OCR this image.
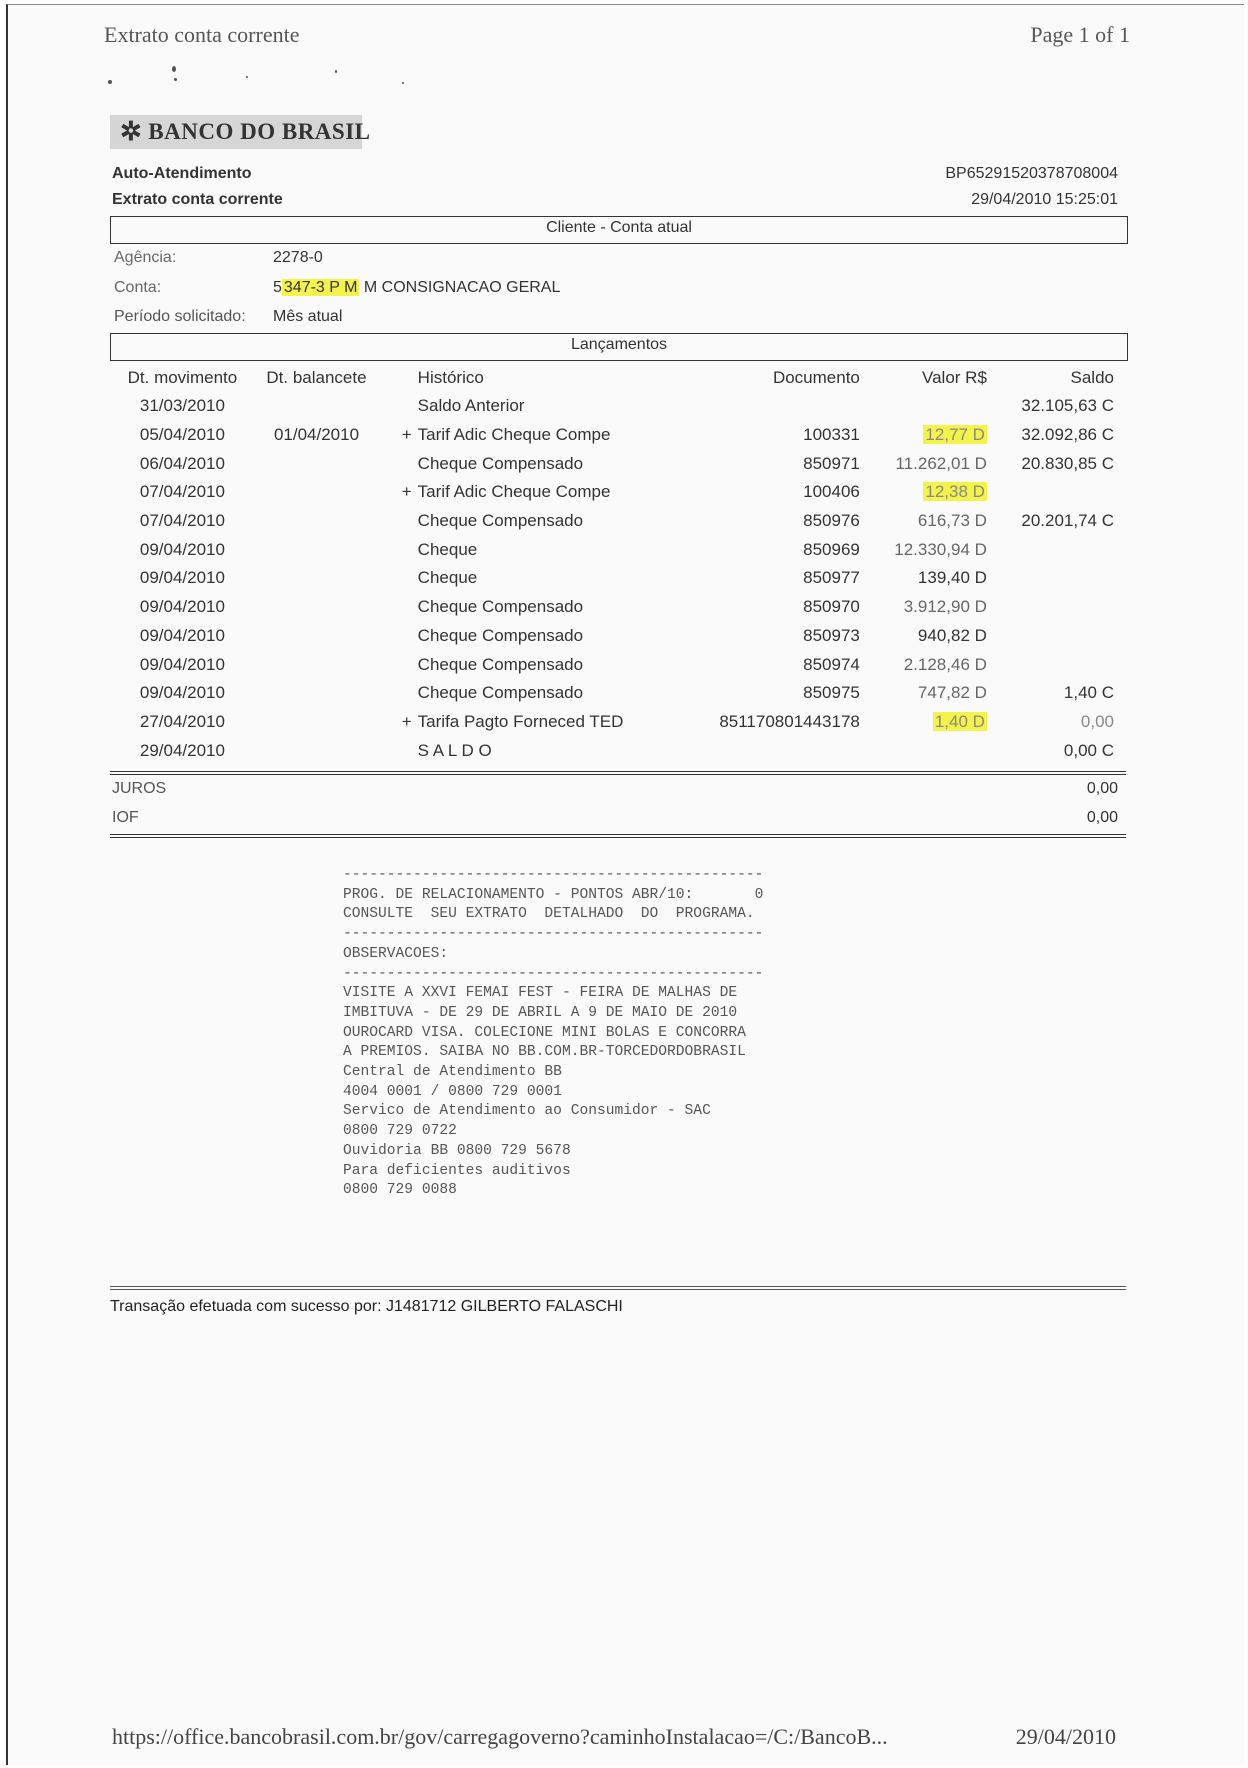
Extrato conta corrente	Page 1 of 1
✲ BANCO DO BRASIL
Auto-Atendimento
Extrato conta corrente
BP65291520378708004
29/04/2010 15:25:01
Cliente - Conta atual
Agência:	2278-0
Conta:	5 347-3 P M M CONSIGNACAO GERAL
Período solicitado: Mês atual
Lançamentos
Dt. movimento	Dt. balancete		Histórico	Documento	Valor R$	Saldo
31/03/2010			Saldo Anterior			32.105,63 C
05/04/2010	01/04/2010	+	Tarif Adic Cheque Compe	100331	12,77 D	32.092,86 C
06/04/2010			Cheque Compensado	850971	11.262,01 D	20.830,85 C
07/04/2010		+	Tarif Adic Cheque Compe	100406	12,38 D	
07/04/2010			Cheque Compensado	850976	616,73 D	20.201,74 C
09/04/2010			Cheque	850969	12.330,94 D	
09/04/2010			Cheque	850977	139,40 D	
09/04/2010			Cheque Compensado	850970	3.912,90 D	
09/04/2010			Cheque Compensado	850973	940,82 D	
09/04/2010			Cheque Compensado	850974	2.128,46 D	
09/04/2010			Cheque Compensado	850975	747,82 D	1,40 C
27/04/2010		+	Tarifa Pagto Forneced TED	851170801443178	1,40 D	0,00
29/04/2010			S A L D O			0,00 C
JUROS	0,00
IOF	0,00
------------------------------------------------
PROG. DE RELACIONAMENTO - PONTOS ABR/10:       0
CONSULTE  SEU EXTRATO  DETALHADO  DO  PROGRAMA.
------------------------------------------------
OBSERVACOES:
------------------------------------------------
VISITE A XXVI FEMAI FEST - FEIRA DE MALHAS DE
IMBITUVA - DE 29 DE ABRIL A 9 DE MAIO DE 2010
OUROCARD VISA. COLECIONE MINI BOLAS E CONCORRA
A PREMIOS. SAIBA NO BB.COM.BR-TORCEDORDOBRASIL
Central de Atendimento BB
4004 0001 / 0800 729 0001
Servico de Atendimento ao Consumidor - SAC
0800 729 0722
Ouvidoria BB 0800 729 5678
Para deficientes auditivos
0800 729 0088
Transação efetuada com sucesso por: J1481712 GILBERTO FALASCHI
https://office.bancobrasil.com.br/gov/carregagoverno?caminhoInstalacao=/C:/BancoB...	29/04/2010
